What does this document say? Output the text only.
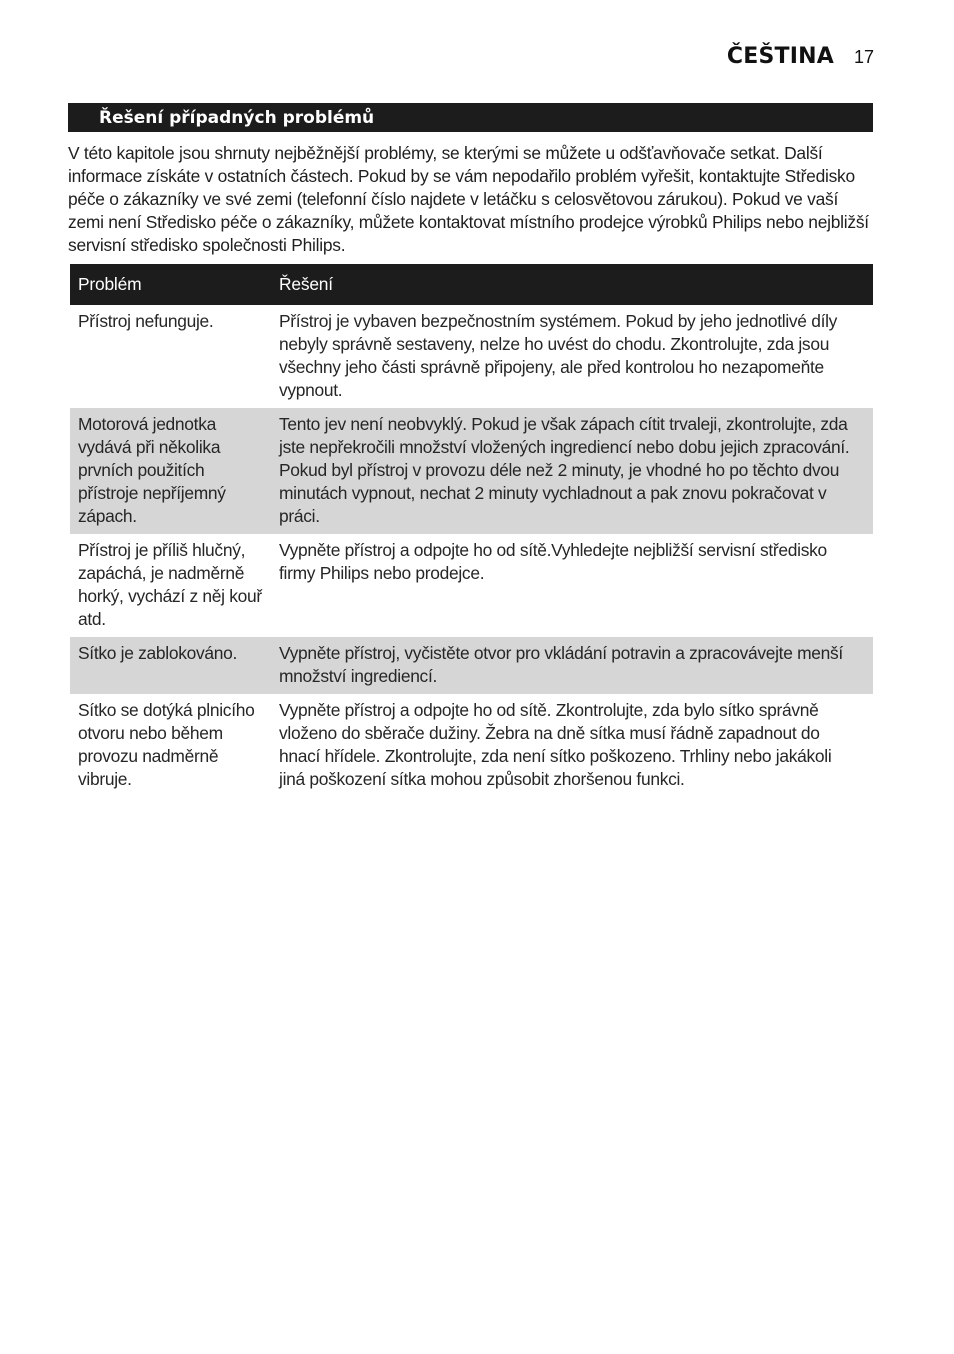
ČEŠTINA 17
Řešení případných problémů

V této kapitole jsou shrnuty nejběžnější problémy, se kterými se můžete u odšťavňovače setkat. Další informace získáte v ostatních částech. Pokud by se vám nepodařilo problém vyřešit, kontaktujte Středisko péče o zákazníky ve své zemi (telefonní číslo najdete v letáčku s celosvětovou zárukou). Pokud ve vaší zemi není Středisko péče o zákazníky, můžete kontaktovat místního prodejce výrobků Philips nebo nejbližší servisní středisko společnosti Philips.

Problém	Řešení
Přístroj nefunguje.	Přístroj je vybaven bezpečnostním systémem. Pokud by jeho jednotlivé díly nebyly správně sestaveny, nelze ho uvést do chodu. Zkontrolujte, zda jsou všechny jeho části správně připojeny, ale před kontrolou ho nezapomeňte vypnout.
Motorová jednotka vydává při několika prvních použitích přístroje nepříjemný zápach.	Tento jev není neobvyklý. Pokud je však zápach cítit trvaleji, zkontrolujte, zda jste nepřekročili množství vložených ingrediencí nebo dobu jejich zpracování. Pokud byl přístroj v provozu déle než 2 minuty, je vhodné ho po těchto dvou minutách vypnout, nechat 2 minuty vychladnout a pak znovu pokračovat v práci.
Přístroj je příliš hlučný, zapáchá, je nadměrně horký, vychází z něj kouř atd.	Vypněte přístroj a odpojte ho od sítě.Vyhledejte nejbližší servisní středisko firmy Philips nebo prodejce.
Sítko je zablokováno.	Vypněte přístroj, vyčistěte otvor pro vkládání potravin a zpracovávejte menší množství ingrediencí.
Sítko se dotýká plnicího otvoru nebo během provozu nadměrně vibruje.	Vypněte přístroj a odpojte ho od sítě. Zkontrolujte, zda bylo sítko správně vloženo do sběrače dužiny. Žebra na dně sítka musí řádně zapadnout do hnací hřídele. Zkontrolujte, zda není sítko poškozeno. Trhliny nebo jakákoli jiná poškození sítka mohou způsobit zhoršenou funkci.
